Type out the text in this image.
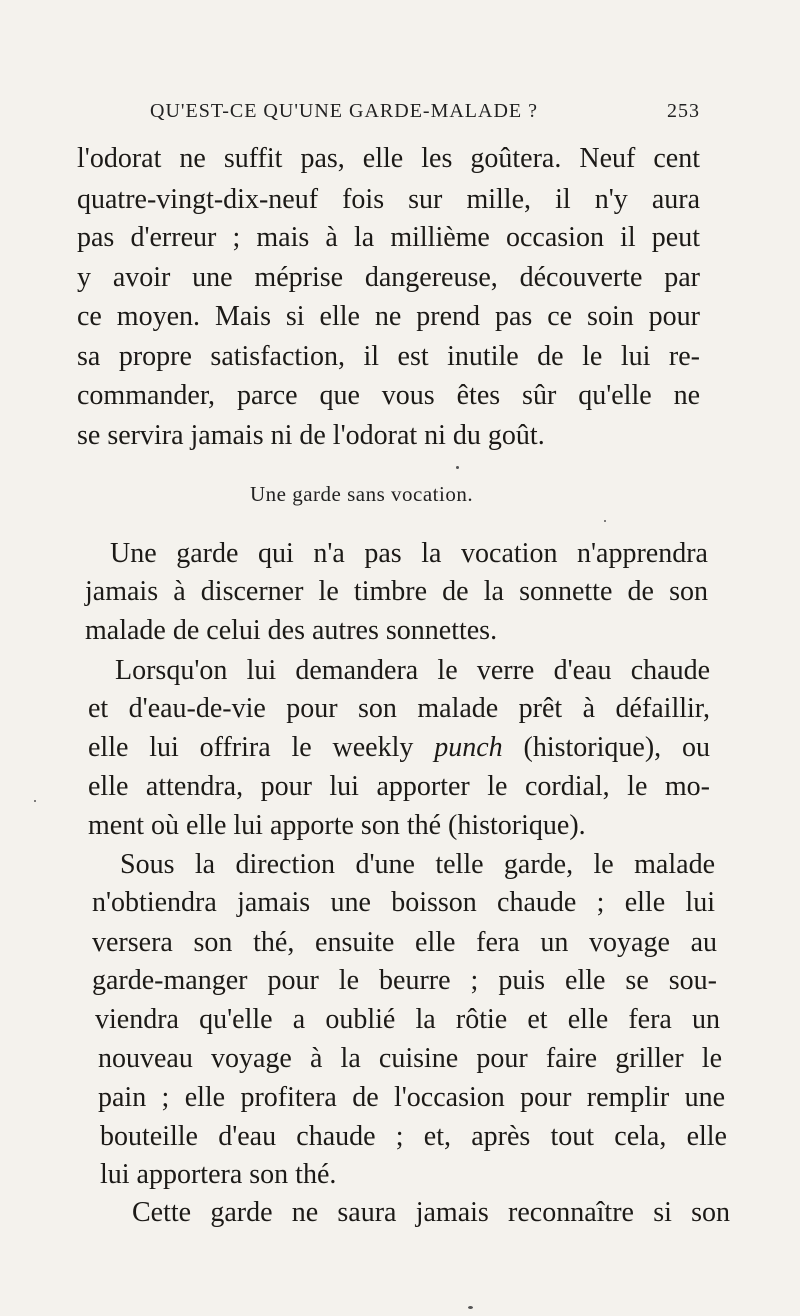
QU'EST-CE QU'UNE GARDE-MALADE ?	253
l'odorat ne suffit pas, elle les goûtera. Neuf cent
quatre-vingt-dix-neuf fois sur mille, il n'y aura
pas d'erreur ; mais à la millième occasion il peut
y avoir une méprise dangereuse, découverte par
ce moyen. Mais si elle ne prend pas ce soin pour
sa propre satisfaction, il est inutile de le lui re-
commander, parce que vous êtes sûr qu'elle ne
se servira jamais ni de l'odorat ni du goût.
Une garde sans vocation.
Une garde qui n'a pas la vocation n'apprendra
jamais à discerner le timbre de la sonnette de son
malade de celui des autres sonnettes.
Lorsqu'on lui demandera le verre d'eau chaude
et d'eau-de-vie pour son malade prêt à défaillir,
elle lui offrira le weekly punch (historique), ou
elle attendra, pour lui apporter le cordial, le mo-
ment où elle lui apporte son thé (historique).
Sous la direction d'une telle garde, le malade
n'obtiendra jamais une boisson chaude ; elle lui
versera son thé, ensuite elle fera un voyage au
garde-manger pour le beurre ; puis elle se sou-
viendra qu'elle a oublié la rôtie et elle fera un
nouveau voyage à la cuisine pour faire griller le
pain ; elle profitera de l'occasion pour remplir une
bouteille d'eau chaude ; et, après tout cela, elle
lui apportera son thé.
Cette garde ne saura jamais reconnaître si son
